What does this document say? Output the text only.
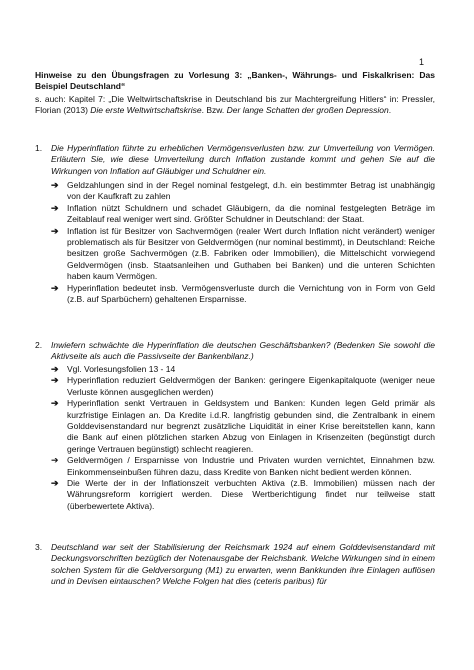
1
Hinweise zu den Übungsfragen zu Vorlesung 3: „Banken-, Währungs- und Fiskalkrisen: Das Beispiel Deutschland“
s. auch: Kapitel 7: „Die Weltwirtschaftskrise in Deutschland bis zur Machtergreifung Hitlers“ in: Pressler, Florian (2013) Die erste Weltwirtschaftskrise. Bzw. Der lange Schatten der großen Depression.
1. Die Hyperinflation führte zu erheblichen Vermögensverlusten bzw. zur Umverteilung von Vermögen. Erläutern Sie, wie diese Umverteilung durch Inflation zustande kommt und gehen Sie auf die Wirkungen von Inflation auf Gläubiger und Schuldner ein.
➔ Geldzahlungen sind in der Regel nominal festgelegt, d.h. ein bestimmter Betrag ist unabhängig von der Kaufkraft zu zahlen
➔ Inflation nützt Schuldnern und schadet Gläubigern, da die nominal festgelegten Beträge im Zeitablauf real weniger wert sind. Größter Schuldner in Deutschland: der Staat.
➔ Inflation ist für Besitzer von Sachvermögen (realer Wert durch Inflation nicht verändert) weniger problematisch als für Besitzer von Geldvermögen (nur nominal bestimmt), in Deutschland: Reiche besitzen große Sachvermögen (z.B. Fabriken oder Immobilien), die Mittelschicht vorwiegend Geldvermögen (insb. Staatsanleihen und Guthaben bei Banken) und die unteren Schichten haben kaum Vermögen.
➔ Hyperinflation bedeutet insb. Vermögensverluste durch die Vernichtung von in Form von Geld (z.B. auf Sparbüchern) gehaltenen Ersparnisse.
2. Inwiefern schwächte die Hyperinflation die deutschen Geschäftsbanken? (Bedenken Sie sowohl die Aktivseite als auch die Passivseite der Bankenbilanz.)
➔ Vgl. Vorlesungsfolien 13 - 14
➔ Hyperinflation reduziert Geldvermögen der Banken: geringere Eigenkapitalquote (weniger neue Verluste können ausgeglichen werden)
➔ Hyperinflation senkt Vertrauen in Geldsystem und Banken: Kunden legen Geld primär als kurzfristige Einlagen an. Da Kredite i.d.R. langfristig gebunden sind, die Zentralbank in einem Golddevisenstandard nur begrenzt zusätzliche Liquidität in einer Krise bereitstellen kann, kann die Bank auf einen plötzlichen starken Abzug von Einlagen in Krisenzeiten (begünstigt durch geringe Vertrauen begünstigt) schlecht reagieren.
➔ Geldvermögen / Ersparnisse von Industrie und Privaten wurden vernichtet, Einnahmen bzw. Einkommenseinbußen führen dazu, dass Kredite von Banken nicht bedient werden können.
➔ Die Werte der in der Inflationszeit verbuchten Aktiva (z.B. Immobilien) müssen nach der Währungsreform korrigiert werden. Diese Wertberichtigung findet nur teilweise statt (überbewertete Aktiva).
3. Deutschland war seit der Stabilisierung der Reichsmark 1924 auf einem Golddevisenstandard mit Deckungsvorschriften bezüglich der Notenausgabe der Reichsbank. Welche Wirkungen sind in einem solchen System für die Geldversorgung (M1) zu erwarten, wenn Bankkunden ihre Einlagen auflösen und in Devisen eintauschen? Welche Folgen hat dies (ceteris paribus) für
